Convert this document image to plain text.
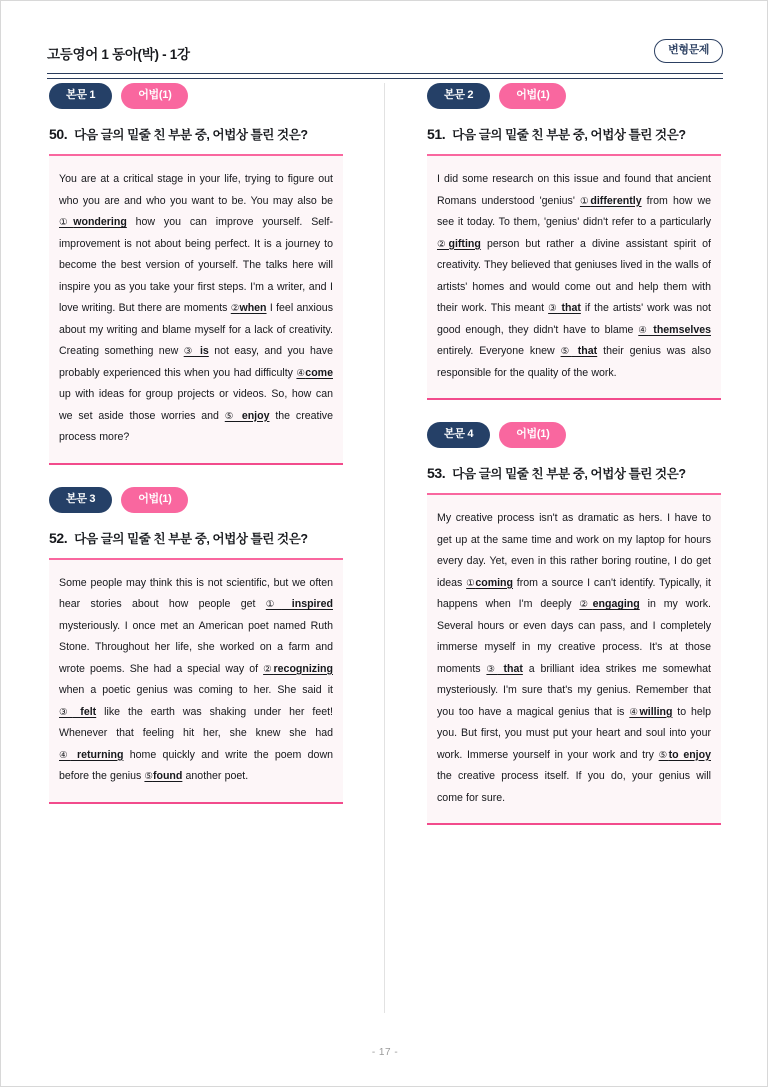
고등영어 1 동아(박) - 1강	변형문제
본문 1	어법(1)
50. 다음 글의 밑줄 친 부분 중, 어법상 틀린 것은?

You are at a critical stage in your life, trying to figure out who you are and who you want to be. You may also be ①wondering how you can improve yourself. Self-improvement is not about being perfect. It is a journey to become the best version of yourself. The talks here will inspire you as you take your first steps. I'm a writer, and I love writing. But there are moments ②when I feel anxious about my writing and blame myself for a lack of creativity. Creating something new ③ is not easy, and you have probably experienced this when you had difficulty ④come up with ideas for group projects or videos. So, how can we set aside those worries and ⑤ enjoy the creative process more?

본문 3	어법(1)
52. 다음 글의 밑줄 친 부분 중, 어법상 틀린 것은?

Some people may think this is not scientific, but we often hear stories about how people get ① inspired mysteriously. I once met an American poet named Ruth Stone. Throughout her life, she worked on a farm and wrote poems. She had a special way of ②recognizing when a poetic genius was coming to her. She said it ③ felt like the earth was shaking under her feet! Whenever that feeling hit her, she knew she had ④ returning home quickly and write the poem down before the genius ⑤found another poet.

본문 2	어법(1)
51. 다음 글의 밑줄 친 부분 중, 어법상 틀린 것은?

I did some research on this issue and found that ancient Romans understood 'genius' ①differently from how we see it today. To them, 'genius' didn't refer to a particularly ②gifting person but rather a divine assistant spirit of creativity. They believed that geniuses lived in the walls of artists' homes and would come out and help them with their work. This meant ③ that if the artists' work was not good enough, they didn't have to blame ④ themselves entirely. Everyone knew ⑤ that their genius was also responsible for the quality of the work.

본문 4	어법(1)
53. 다음 글의 밑줄 친 부분 중, 어법상 틀린 것은?

My creative process isn't as dramatic as hers. I have to get up at the same time and work on my laptop for hours every day. Yet, even in this rather boring routine, I do get ideas ①coming from a source I can't identify. Typically, it happens when I'm deeply ②engaging in my work. Several hours or even days can pass, and I completely immerse myself in my creative process. It's at those moments ③ that a brilliant idea strikes me somewhat mysteriously. I'm sure that's my genius. Remember that you too have a magical genius that is ④willing to help you. But first, you must put your heart and soul into your work. Immerse yourself in your work and try ⑤to enjoy the creative process itself. If you do, your genius will come for sure.

- 17 -
